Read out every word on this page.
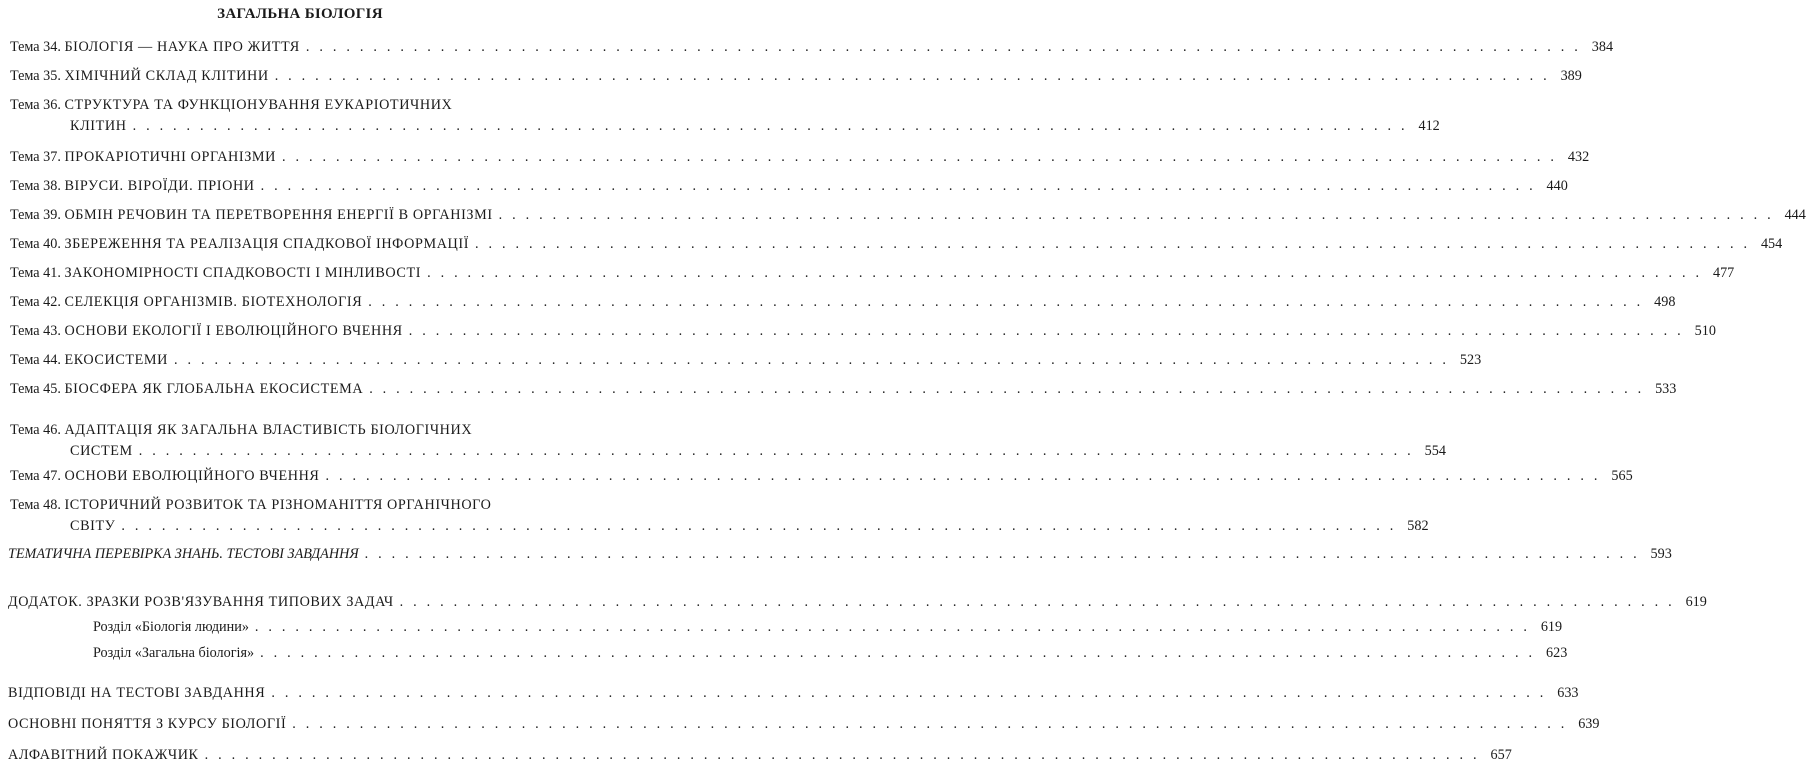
ЗАГАЛЬНА БІОЛОГІЯ
Тема 34. БІОЛОГІЯ — НАУКА ПРО ЖИТТЯ . . . . . . . . . . . . . . . . . . . . . . . . . . . . . . . . . . . . . . . . . . . . . . . . . . . . . . . . . . . . . . . . . . . . . . . . . . . . . . . . . . . . . . . . . . . . . . . 384
Тема 35. ХІМІЧНИЙ СКЛАД КЛІТИНИ . . . . . . . . . . . . . . . . . . . . . . . . . . . . . . . . . . . . . . . . . . . . . . . . . . . . . . . . . . . . . . . . . . . . . . . . . . . . . . . . . . . . . . . . . . . . . . . 389
Тема 36. СТРУКТУРА ТА ФУНКЦІОНУВАННЯ ЕУКАРІОТИЧНИХ
КЛІТИН . . . . . . . . . . . . . . . . . . . . . . . . . . . . . . . . . . . . . . . . . . . . . . . . . . . . . . . . . . . . . . . . . . . . . . . . . . . . . . . . . . . . . . . . . . . . . . . 412
Тема 37. ПРОКАРІОТИЧНІ ОРГАНІЗМИ . . . . . . . . . . . . . . . . . . . . . . . . . . . . . . . . . . . . . . . . . . . . . . . . . . . . . . . . . . . . . . . . . . . . . . . . . . . . . . . . . . . . . . . . . . . . . . . 432
Тема 38. ВІРУСИ. ВІРОЇДИ. ПРІОНИ . . . . . . . . . . . . . . . . . . . . . . . . . . . . . . . . . . . . . . . . . . . . . . . . . . . . . . . . . . . . . . . . . . . . . . . . . . . . . . . . . . . . . . . . . . . . . . . 440
Тема 39. ОБМІН РЕЧОВИН ТА ПЕРЕТВОРЕННЯ ЕНЕРГІЇ В ОРГАНІЗМІ . . . . . . . . . . . . . . . . . . . . . . . . . . . . . . . . . . . . . . . . . . . . . . . . . . . . . . . . . . . . . . . . . . . . . . . . . . . . . . . . . . . . . . . . . . . . . . . 444
Тема 40. ЗБЕРЕЖЕННЯ ТА РЕАЛІЗАЦІЯ СПАДКОВОЇ ІНФОРМАЦІЇ . . . . . . . . . . . . . . . . . . . . . . . . . . . . . . . . . . . . . . . . . . . . . . . . . . . . . . . . . . . . . . . . . . . . . . . . . . . . . . . . . . . . . . . . . . . . . . . 454
Тема 41. ЗАКОНОМІРНОСТІ СПАДКОВОСТІ І МІНЛИВОСТІ . . . . . . . . . . . . . . . . . . . . . . . . . . . . . . . . . . . . . . . . . . . . . . . . . . . . . . . . . . . . . . . . . . . . . . . . . . . . . . . . . . . . . . . . . . . . . . . 477
Тема 42. СЕЛЕКЦІЯ ОРГАНІЗМІВ. БІОТЕХНОЛОГІЯ . . . . . . . . . . . . . . . . . . . . . . . . . . . . . . . . . . . . . . . . . . . . . . . . . . . . . . . . . . . . . . . . . . . . . . . . . . . . . . . . . . . . . . . . . . . . . . . 498
Тема 43. ОСНОВИ ЕКОЛОГІЇ І ЕВОЛЮЦІЙНОГО ВЧЕННЯ . . . . . . . . . . . . . . . . . . . . . . . . . . . . . . . . . . . . . . . . . . . . . . . . . . . . . . . . . . . . . . . . . . . . . . . . . . . . . . . . . . . . . . . . . . . . . . . 510
Тема 44. ЕКОСИСТЕМИ . . . . . . . . . . . . . . . . . . . . . . . . . . . . . . . . . . . . . . . . . . . . . . . . . . . . . . . . . . . . . . . . . . . . . . . . . . . . . . . . . . . . . . . . . . . . . . . 523
Тема 45. БІОСФЕРА ЯК ГЛОБАЛЬНА ЕКОСИСТЕМА . . . . . . . . . . . . . . . . . . . . . . . . . . . . . . . . . . . . . . . . . . . . . . . . . . . . . . . . . . . . . . . . . . . . . . . . . . . . . . . . . . . . . . . . . . . . . . . 533
Тема 46. АДАПТАЦІЯ ЯК ЗАГАЛЬНА ВЛАСТИВІСТЬ БІОЛОГІЧНИХ
СИСТЕМ . . . . . . . . . . . . . . . . . . . . . . . . . . . . . . . . . . . . . . . . . . . . . . . . . . . . . . . . . . . . . . . . . . . . . . . . . . . . . . . . . . . . . . . . . . . . . . . 554
Тема 47. ОСНОВИ ЕВОЛЮЦІЙНОГО ВЧЕННЯ . . . . . . . . . . . . . . . . . . . . . . . . . . . . . . . . . . . . . . . . . . . . . . . . . . . . . . . . . . . . . . . . . . . . . . . . . . . . . . . . . . . . . . . . . . . . . . . 565
Тема 48. ІСТОРИЧНИЙ РОЗВИТОК ТА РІЗНОМАНІТТЯ ОРГАНІЧНОГО
СВІТУ . . . . . . . . . . . . . . . . . . . . . . . . . . . . . . . . . . . . . . . . . . . . . . . . . . . . . . . . . . . . . . . . . . . . . . . . . . . . . . . . . . . . . . . . . . . . . . . 582
ТЕМАТИЧНА ПЕРЕВІРКА ЗНАНЬ. ТЕСТОВІ ЗАВДАННЯ . . . . . . . . . . . . . . . . . . . . . . . . . . . . . . . . . . . . . . . . . . . . . . . . . . . . . . . . . . . . . . . . . . . . . . . . . . . . . . . . . . . . . . . . . . . . . . . 593
ДОДАТОК. ЗРАЗКИ РОЗВ'ЯЗУВАННЯ ТИПОВИХ ЗАДАЧ . . . . . . . . . . . . . . . . . . . . . . . . . . . . . . . . . . . . . . . . . . . . . . . . . . . . . . . . . . . . . . . . . . . . . . . . . . . . . . . . . . . . . . . . . . . . . . . 619
Розділ «Біологія людини» . . . . . . . . . . . . . . . . . . . . . . . . . . . . . . . . . . . . . . . . . . . . . . . . . . . . . . . . . . . . . . . . . . . . . . . . . . . . . . . . . . . . . . . . . . . . . . . 619
Розділ «Загальна біологія» . . . . . . . . . . . . . . . . . . . . . . . . . . . . . . . . . . . . . . . . . . . . . . . . . . . . . . . . . . . . . . . . . . . . . . . . . . . . . . . . . . . . . . . . . . . . . . . 623
ВІДПОВІДІ НА ТЕСТОВІ ЗАВДАННЯ . . . . . . . . . . . . . . . . . . . . . . . . . . . . . . . . . . . . . . . . . . . . . . . . . . . . . . . . . . . . . . . . . . . . . . . . . . . . . . . . . . . . . . . . . . . . . . . 633
ОСНОВНІ ПОНЯТТЯ З КУРСУ БІОЛОГІЇ . . . . . . . . . . . . . . . . . . . . . . . . . . . . . . . . . . . . . . . . . . . . . . . . . . . . . . . . . . . . . . . . . . . . . . . . . . . . . . . . . . . . . . . . . . . . . . . 639
АЛФАВІТНИЙ ПОКАЖЧИК . . . . . . . . . . . . . . . . . . . . . . . . . . . . . . . . . . . . . . . . . . . . . . . . . . . . . . . . . . . . . . . . . . . . . . . . . . . . . . . . . . . . . . . . . . . . . . . 657
